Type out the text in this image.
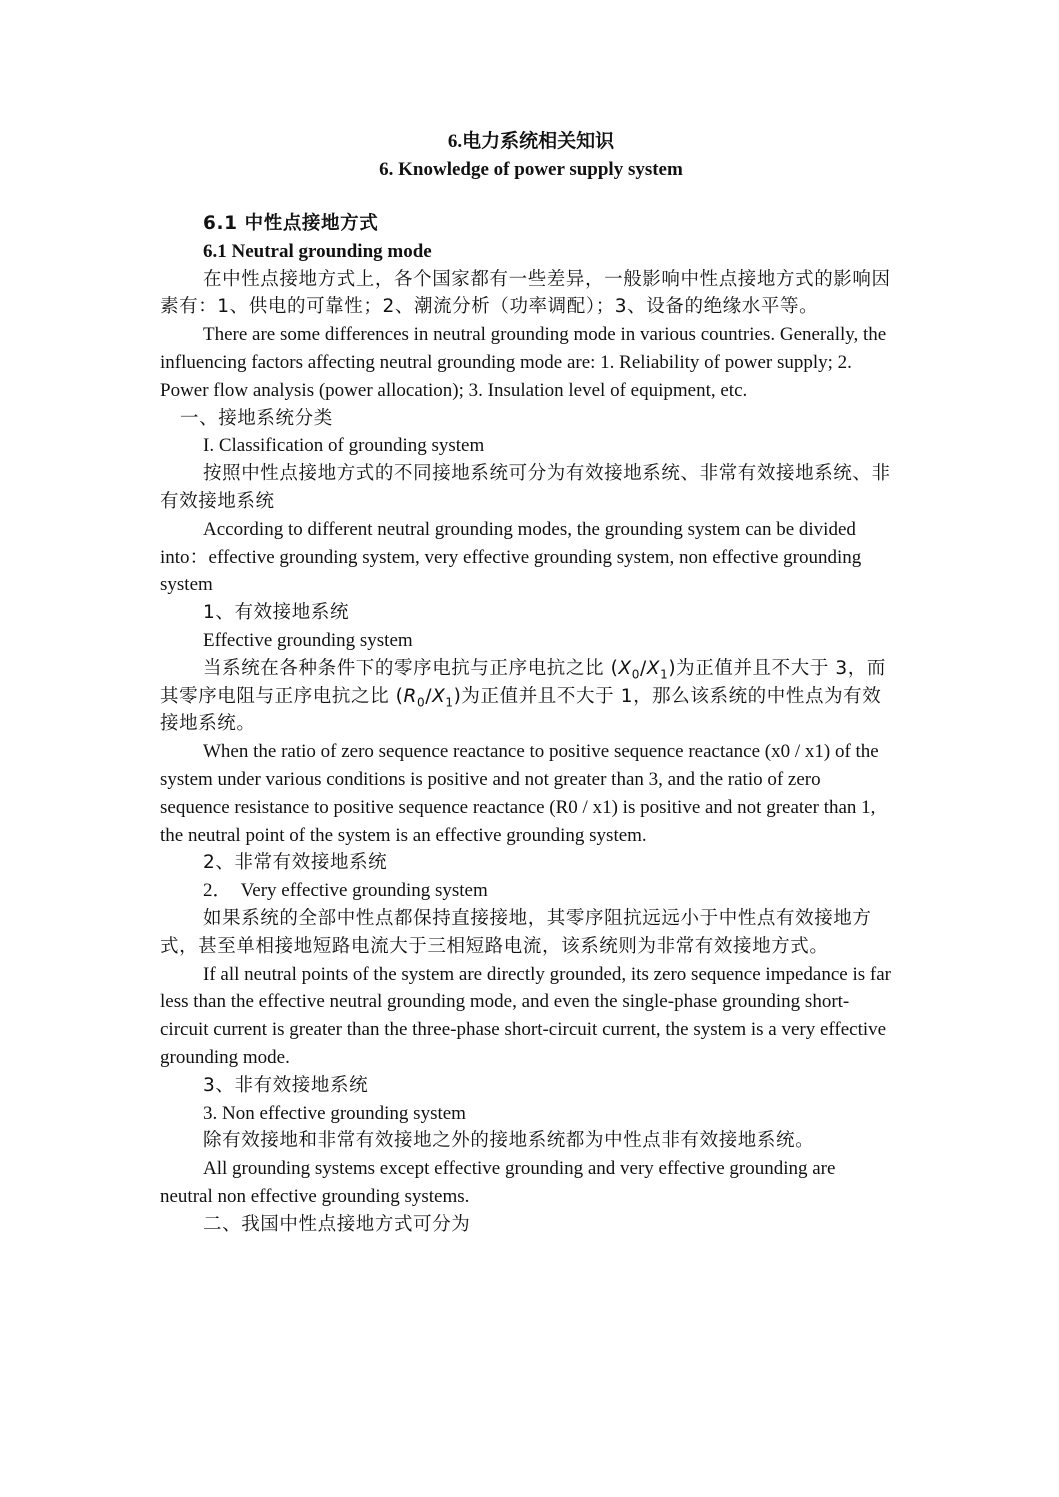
6.电力系统相关知识
6. Knowledge of power supply system
6.1 中性点接地方式
6.1 Neutral grounding mode

在中性点接地方式上，各个国家都有一些差异，一般影响中性点接地方式的影响因素有：1、供电的可靠性；2、潮流分析（功率调配）；3、设备的绝缘水平等。

There are some differences in neutral grounding mode in various countries. Generally, the influencing factors affecting neutral grounding mode are: 1. Reliability of power supply; 2. Power flow analysis (power allocation); 3. Insulation level of equipment, etc.

一、接地系统分类

I. Classification of grounding system

按照中性点接地方式的不同接地系统可分为有效接地系统、非常有效接地系统、非有效接地系统

According to different neutral grounding modes, the grounding system can be divided into：effective grounding system, very effective grounding system, non effective grounding system

1、有效接地系统

Effective grounding system

当系统在各种条件下的零序电抗与正序电抗之比 $(X_0/X_1)$为正值并且不大于 3，而其零序电阻与正序电抗之比 $(R_0/X_1)$为正值并且不大于 1，那么该系统的中性点为有效接地系统。

When the ratio of zero sequence reactance to positive sequence reactance (x0 / x1) of the system under various conditions is positive and not greater than 3, and the ratio of zero sequence resistance to positive sequence reactance (R0 / x1) is positive and not greater than 1, the neutral point of the system is an effective grounding system.

2、非常有效接地系统

2．  Very effective grounding system

如果系统的全部中性点都保持直接接地，其零序阻抗远远小于中性点有效接地方式，甚至单相接地短路电流大于三相短路电流，该系统则为非常有效接地方式。

If all neutral points of the system are directly grounded, its zero sequence impedance is far less than the effective neutral grounding mode, and even the single-phase grounding short-circuit current is greater than the three-phase short-circuit current, the system is a very effective grounding mode.

3、非有效接地系统

3. Non effective grounding system

除有效接地和非常有效接地之外的接地系统都为中性点非有效接地系统。

All grounding systems except effective grounding and very effective grounding are neutral non effective grounding systems.

二、我国中性点接地方式可分为
